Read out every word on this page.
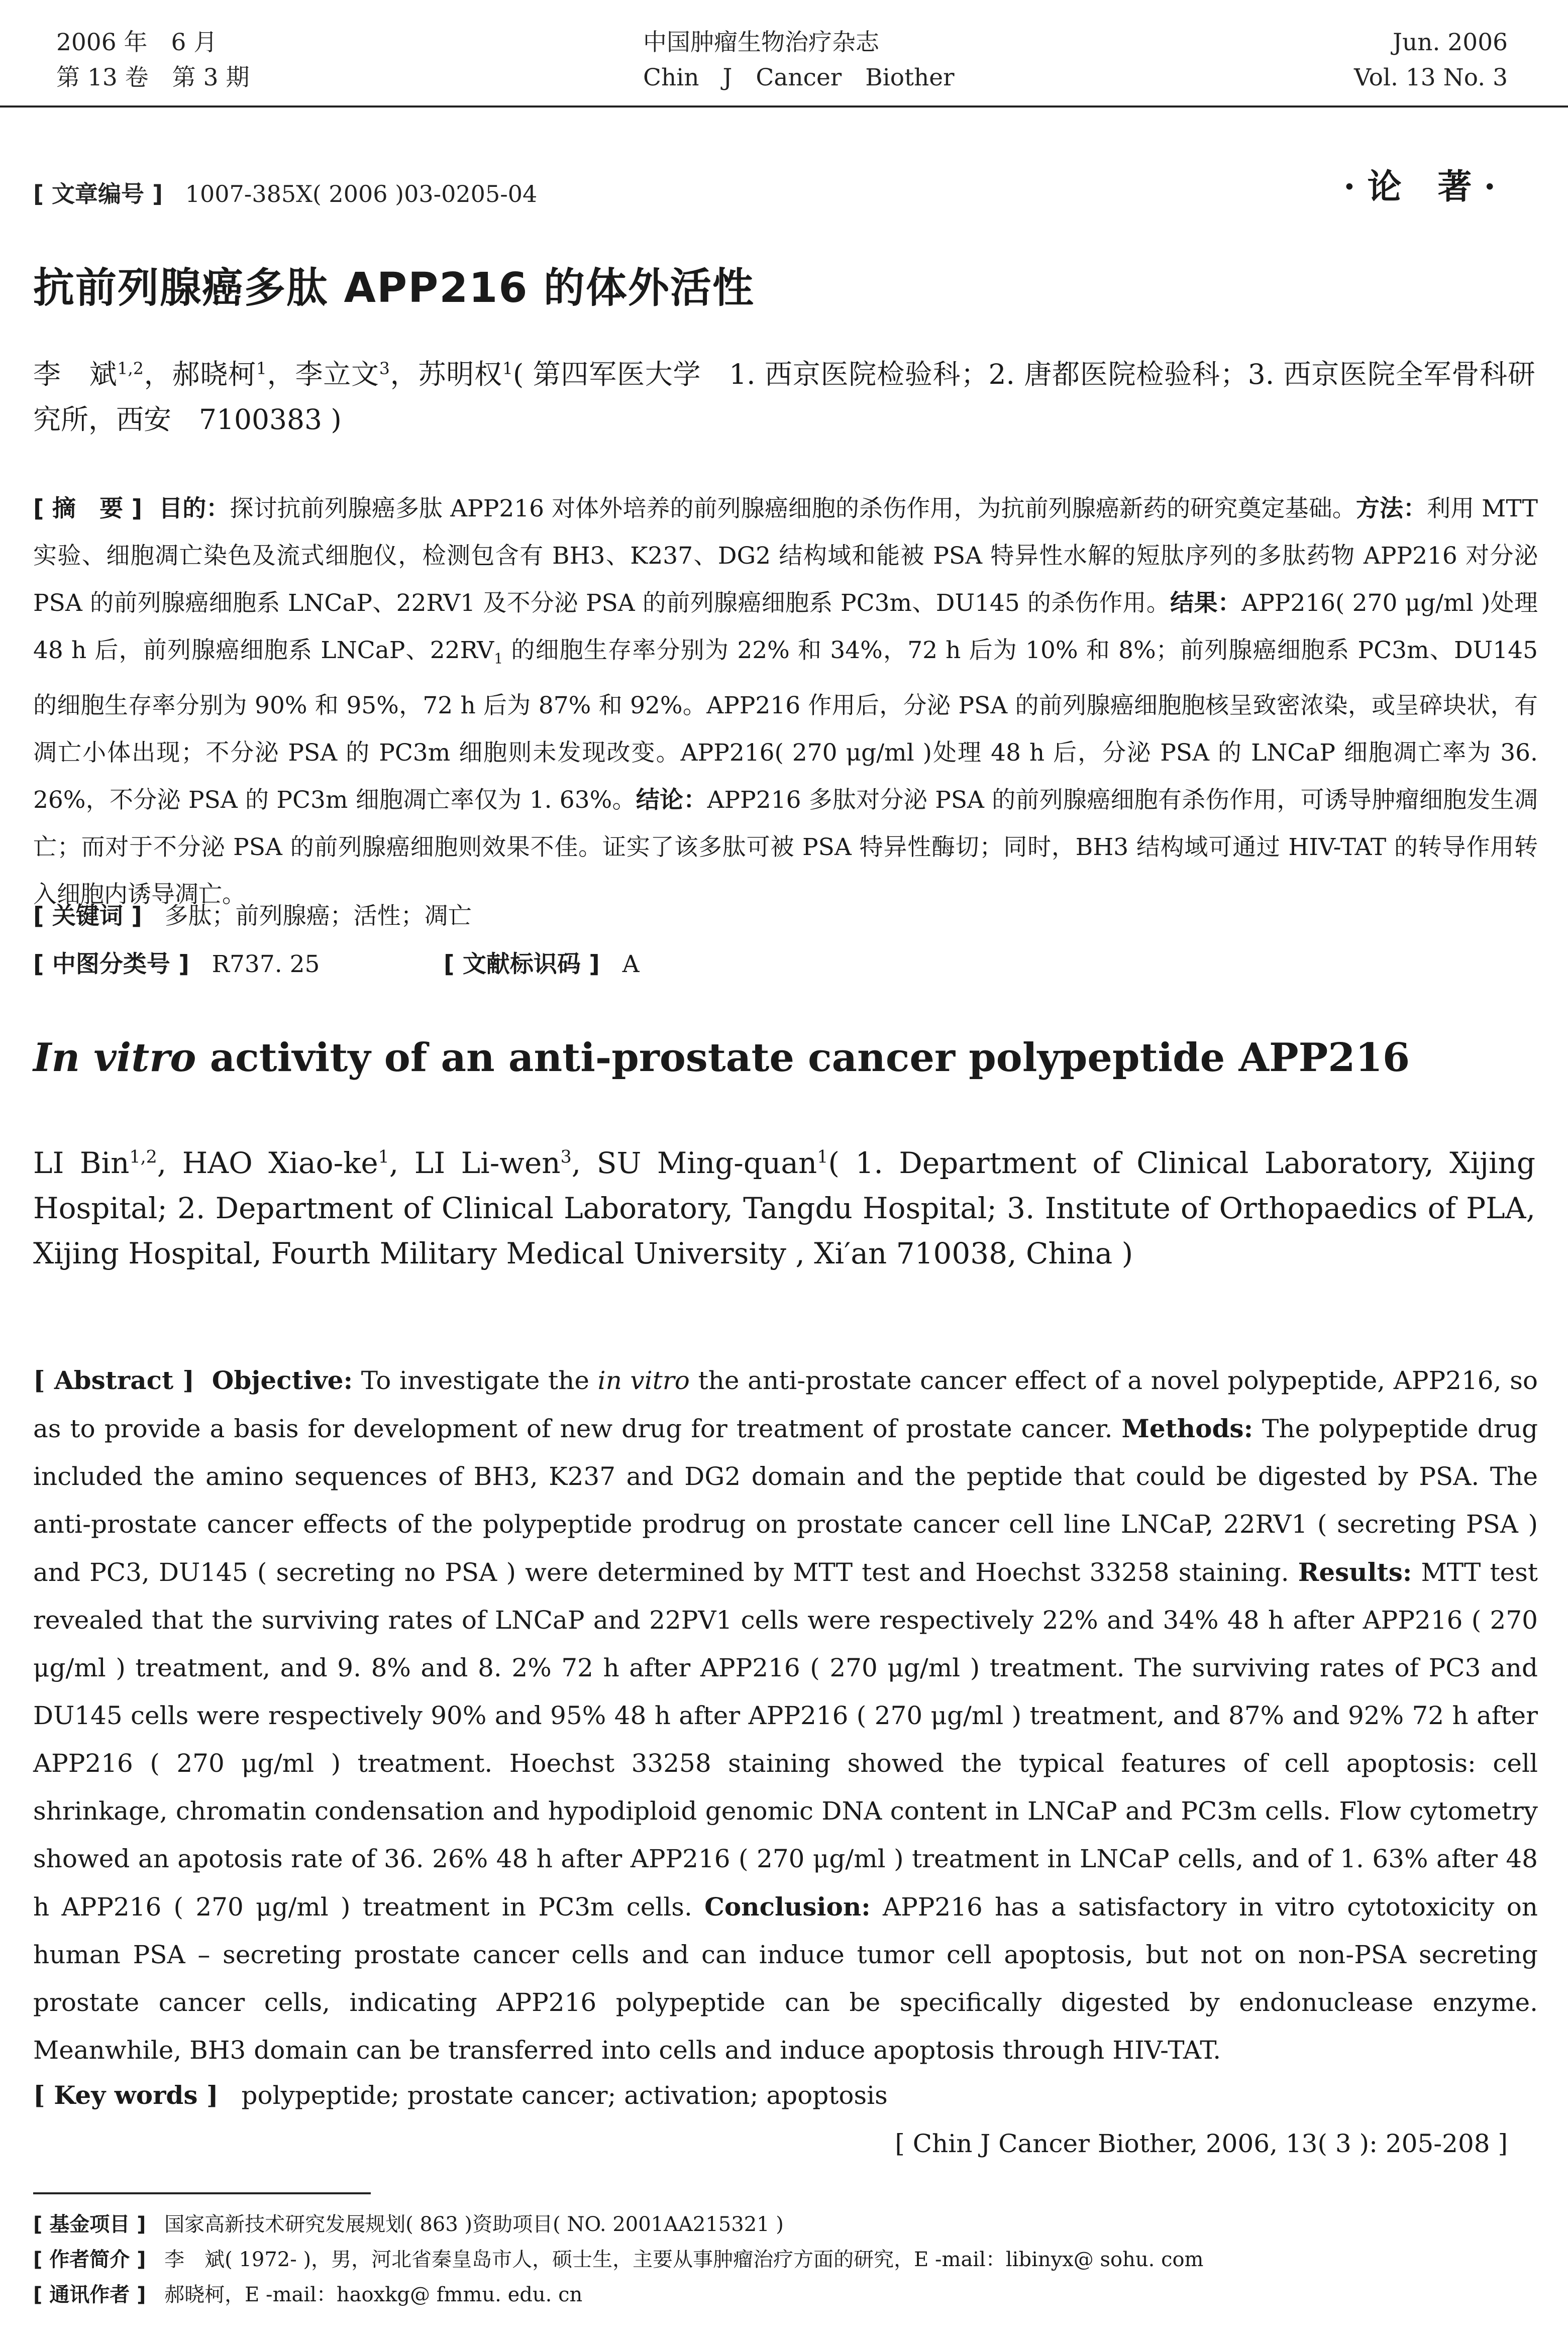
2006 年　6 月
第 13 卷　第 3 期
中国肿瘤生物治疗杂志
Chin　J　Cancer　Biother
Jun. 2006
Vol. 13 No. 3
[ 文章编号 ] 1007-385X( 2006 )03-0205-04	·论 著·
抗前列腺癌多肽 APP216 的体外活性
李　斌$^{1,2}$，郝晓柯$^1$，李立文$^3$，苏明权$^1$( 第四军医大学　1. 西京医院检验科；2. 唐都医院检验科；3. 西京医院全军骨科研究所，西安　7100383 )
[ 摘　要 ] 目的：探讨抗前列腺癌多肽 APP216 对体外培养的前列腺癌细胞的杀伤作用，为抗前列腺癌新药的研究奠定基础。方法：利用 MTT 实验、细胞凋亡染色及流式细胞仪，检测包含有 BH3、K237、DG2 结构域和能被 PSA 特异性水解的短肽序列的多肽药物 APP216 对分泌 PSA 的前列腺癌细胞系 LNCaP、22RV1 及不分泌 PSA 的前列腺癌细胞系 PC3m、DU145 的杀伤作用。结果：APP216( 270 μg/ml )处理 48 h 后，前列腺癌细胞系 LNCaP、$22RV_1$ 的细胞生存率分别为 22% 和 34%，72 h 后为 10% 和 8%；前列腺癌细胞系 PC3m、DU145 的细胞生存率分别为 90% 和 95%，72 h 后为 87% 和 92%。APP216 作用后，分泌 PSA 的前列腺癌细胞胞核呈致密浓染，或呈碎块状，有凋亡小体出现；不分泌 PSA 的 PC3m 细胞则未发现改变。APP216( 270 μg/ml )处理 48 h 后，分泌 PSA 的 LNCaP 细胞凋亡率为 36. 26%，不分泌 PSA 的 PC3m 细胞凋亡率仅为 1. 63%。结论：APP216 多肽对分泌 PSA 的前列腺癌细胞有杀伤作用，可诱导肿瘤细胞发生凋亡；而对于不分泌 PSA 的前列腺癌细胞则效果不佳。证实了该多肽可被 PSA 特异性酶切；同时，BH3 结构域可通过 HIV-TAT 的转导作用转入细胞内诱导凋亡。
[ 关键词 ] 多肽；前列腺癌；活性；凋亡
[ 中图分类号 ] R737. 25	[ 文献标识码 ] A
In vitro activity of an anti-prostate cancer polypeptide APP216
LI Bin$^{1,2}$, HAO Xiao-$ke^1$, LI Li-wen$^3$, SU Ming-quan$^1$( 1. Department of Clinical Laboratory, Xijing Hospital; 2. Department of Clinical Laboratory, Tangdu Hospital; 3. Institute of Orthopaedics of PLA, Xijing Hospital, Fourth Military Medical University , Xi′an 710038, China )
[ Abstract ] Objective: To investigate the in vitro the anti-prostate cancer effect of a novel polypeptide, APP216, so as to provide a basis for development of new drug for treatment of prostate cancer. Methods: The polypeptide drug included the amino sequences of BH3, K237 and DG2 domain and the peptide that could be digested by PSA. The anti-prostate cancer effects of the polypeptide prodrug on prostate cancer cell line LNCaP, 22RV1 ( secreting PSA ) and PC3, DU145 ( secreting no PSA ) were determined by MTT test and Hoechst 33258 staining. Results: MTT test revealed that the surviving rates of LNCaP and 22PV1 cells were respectively 22% and 34% 48 h after APP216 ( 270 μg/ml ) treatment, and 9. 8% and 8. 2% 72 h after APP216 ( 270 μg/ml ) treatment. The surviving rates of PC3 and DU145 cells were respectively 90% and 95% 48 h after APP216 ( 270 μg/ml ) treatment, and 87% and 92% 72 h after APP216 ( 270 μg/ml ) treatment. Hoechst 33258 staining showed the typical features of cell apoptosis: cell shrinkage, chromatin condensation and hypodiploid genomic DNA content in LNCaP and PC3m cells. Flow cytometry showed an apotosis rate of 36. 26% 48 h after APP216 ( 270 μg/ml ) treatment in LNCaP cells, and of 1. 63% after 48 h APP216 ( 270 μg/ml ) treatment in PC3m cells. Conclusion: APP216 has a satisfactory in vitro cytotoxicity on human PSA – secreting prostate cancer cells and can induce tumor cell apoptosis, but not on non-PSA secreting prostate cancer cells, indicating APP216 polypeptide can be specifically digested by endonuclease enzyme. Meanwhile, BH3 domain can be transferred into cells and induce apoptosis through HIV-TAT.
[ Key words ] polypeptide; prostate cancer; activation; apoptosis
[ Chin J Cancer Biother, 2006, 13( 3 ): 205-208 ]
[ 基金项目 ] 国家高新技术研究发展规划( 863 )资助项目( NO. 2001AA215321 )
[ 作者简介 ] 李　斌( 1972- )，男，河北省秦皇岛市人，硕士生，主要从事肿瘤治疗方面的研究，E -mail：libinyx@ sohu. com
[ 通讯作者 ] 郝晓柯，E -mail：haoxkg@ fmmu. edu. cn
